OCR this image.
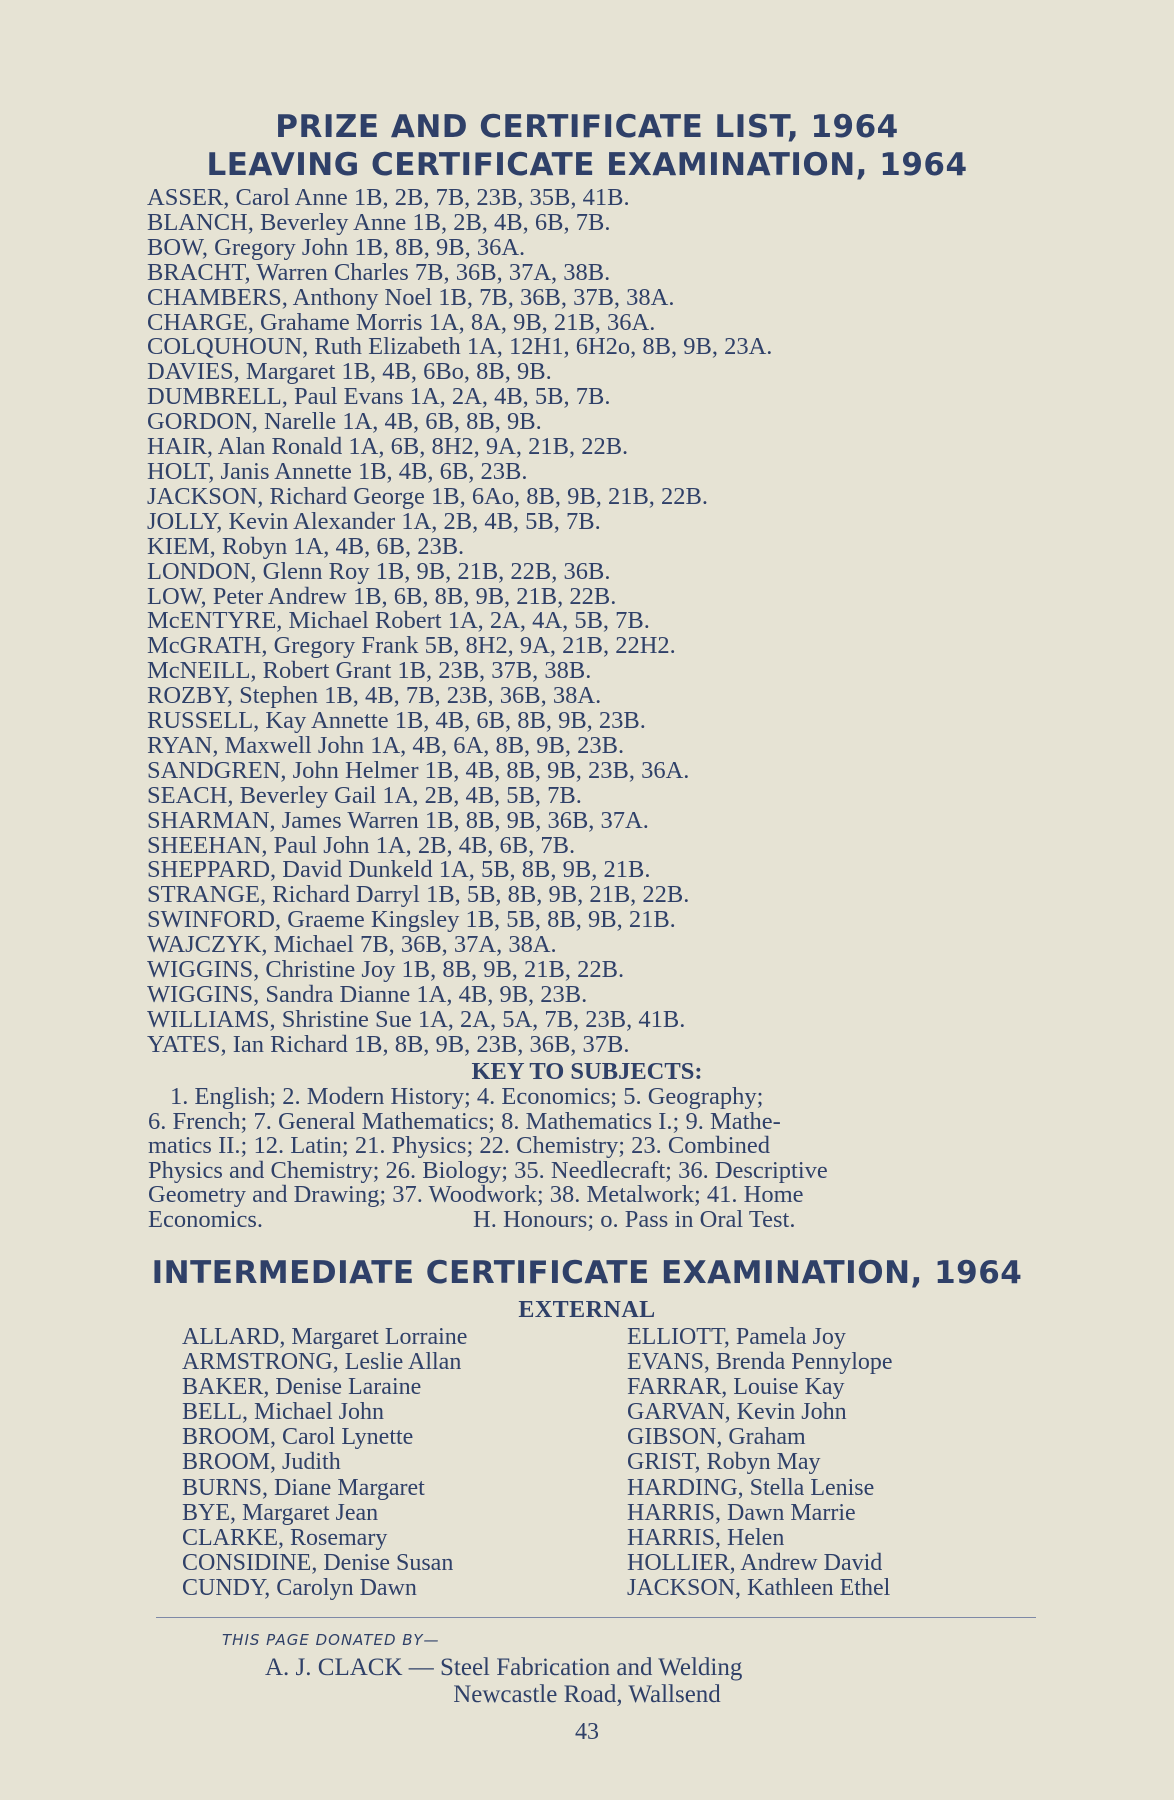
PRIZE AND CERTIFICATE LIST, 1964
LEAVING CERTIFICATE EXAMINATION, 1964
ASSER, Carol Anne 1B, 2B, 7B, 23B, 35B, 41B.
BLANCH, Beverley Anne 1B, 2B, 4B, 6B, 7B.
BOW, Gregory John 1B, 8B, 9B, 36A.
BRACHT, Warren Charles 7B, 36B, 37A, 38B.
CHAMBERS, Anthony Noel 1B, 7B, 36B, 37B, 38A.
CHARGE, Grahame Morris 1A, 8A, 9B, 21B, 36A.
COLQUHOUN, Ruth Elizabeth 1A, 12H1, 6H2o, 8B, 9B, 23A.
DAVIES, Margaret 1B, 4B, 6Bo, 8B, 9B.
DUMBRELL, Paul Evans 1A, 2A, 4B, 5B, 7B.
GORDON, Narelle 1A, 4B, 6B, 8B, 9B.
HAIR, Alan Ronald 1A, 6B, 8H2, 9A, 21B, 22B.
HOLT, Janis Annette 1B, 4B, 6B, 23B.
JACKSON, Richard George 1B, 6Ao, 8B, 9B, 21B, 22B.
JOLLY, Kevin Alexander 1A, 2B, 4B, 5B, 7B.
KIEM, Robyn 1A, 4B, 6B, 23B.
LONDON, Glenn Roy 1B, 9B, 21B, 22B, 36B.
LOW, Peter Andrew 1B, 6B, 8B, 9B, 21B, 22B.
McENTYRE, Michael Robert 1A, 2A, 4A, 5B, 7B.
McGRATH, Gregory Frank 5B, 8H2, 9A, 21B, 22H2.
McNEILL, Robert Grant 1B, 23B, 37B, 38B.
ROZBY, Stephen 1B, 4B, 7B, 23B, 36B, 38A.
RUSSELL, Kay Annette 1B, 4B, 6B, 8B, 9B, 23B.
RYAN, Maxwell John 1A, 4B, 6A, 8B, 9B, 23B.
SANDGREN, John Helmer 1B, 4B, 8B, 9B, 23B, 36A.
SEACH, Beverley Gail 1A, 2B, 4B, 5B, 7B.
SHARMAN, James Warren 1B, 8B, 9B, 36B, 37A.
SHEEHAN, Paul John 1A, 2B, 4B, 6B, 7B.
SHEPPARD, David Dunkeld 1A, 5B, 8B, 9B, 21B.
STRANGE, Richard Darryl 1B, 5B, 8B, 9B, 21B, 22B.
SWINFORD, Graeme Kingsley 1B, 5B, 8B, 9B, 21B.
WAJCZYK, Michael 7B, 36B, 37A, 38A.
WIGGINS, Christine Joy 1B, 8B, 9B, 21B, 22B.
WIGGINS, Sandra Dianne 1A, 4B, 9B, 23B.
WILLIAMS, Shristine Sue 1A, 2A, 5A, 7B, 23B, 41B.
YATES, Ian Richard 1B, 8B, 9B, 23B, 36B, 37B.
KEY TO SUBJECTS:

1. English; 2. Modern History; 4. Economics; 5. Geography;

6. French; 7. General Mathematics; 8. Mathematics I.; 9. Mathe-

matics II.; 12. Latin; 21. Physics; 22. Chemistry; 23. Combined

Physics and Chemistry; 26. Biology; 35. Needlecraft; 36. Descriptive

Geometry and Drawing; 37. Woodwork; 38. Metalwork; 41. Home

Economics.	H. Honours; o. Pass in Oral Test.
INTERMEDIATE CERTIFICATE EXAMINATION, 1964
EXTERNAL
ALLARD, Margaret Lorraine
ARMSTRONG, Leslie Allan
BAKER, Denise Laraine
BELL, Michael John
BROOM, Carol Lynette
BROOM, Judith
BURNS, Diane Margaret
BYE, Margaret Jean
CLARKE, Rosemary
CONSIDINE, Denise Susan
CUNDY, Carolyn Dawn
ELLIOTT, Pamela Joy
EVANS, Brenda Pennylope
FARRAR, Louise Kay
GARVAN, Kevin John
GIBSON, Graham
GRIST, Robyn May
HARDING, Stella Lenise
HARRIS, Dawn Marrie
HARRIS, Helen
HOLLIER, Andrew David
JACKSON, Kathleen Ethel
THIS PAGE DONATED BY—
A. J. CLACK — Steel Fabrication and Welding
Newcastle Road, Wallsend
43
